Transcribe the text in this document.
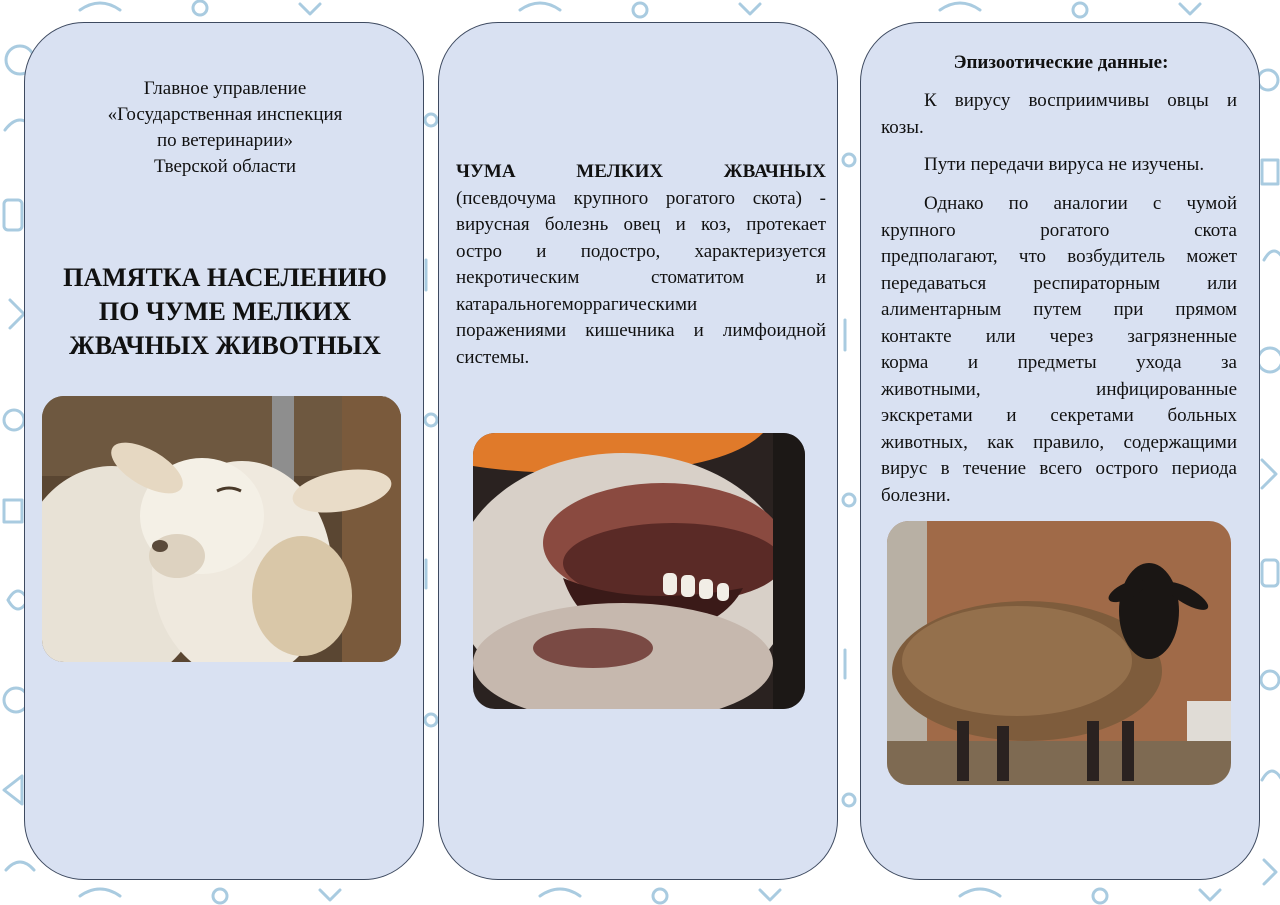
Главное управление
«Государственная инспекция
по ветеринарии»
Тверской области
ПАМЯТКА НАСЕЛЕНИЮ
ПО ЧУМЕ МЕЛКИХ
ЖВАЧНЫХ ЖИВОТНЫХ
ЧУМА МЕЛКИХ ЖВАЧНЫХ
(псевдочума крупного рогатого скота) -
вирусная болезнь овец и коз, протекает
остро и подостро, характеризуется
некротическим стоматитом и
катаральногеморрагическими
поражениями кишечника и лимфоидной
системы.
Эпизоотические данные:
К вирусу восприимчивы овцы и
козы.
Пути передачи вируса не изучены.
Однако по аналогии с чумой
крупного рогатого скота
предполагают, что возбудитель может
передаваться респираторным или
алиментарным путем при прямом
контакте или через загрязненные
корма и предметы ухода за
животными, инфицированные
экскретами и секретами больных
животных, как правило, содержащими
вирус в течение всего острого периода
болезни.
